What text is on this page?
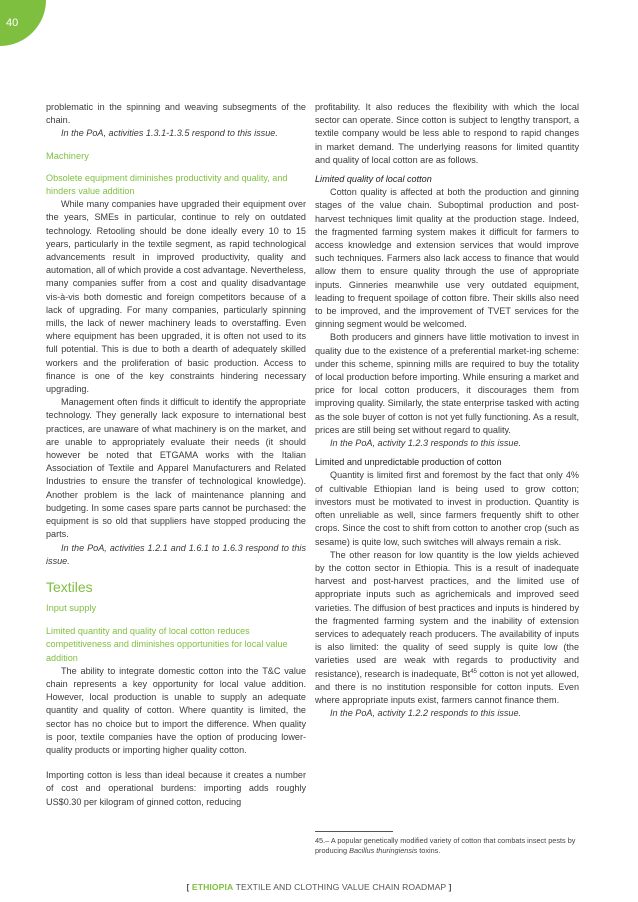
40

problematic in the spinning and weaving subsegments of the chain.

In the PoA, activities 1.3.1-1.3.5 respond to this issue.

Machinery

Obsolete equipment diminishes productivity and quality, and hinders value addition

While many companies have upgraded their equipment over the years, SMEs in particular, continue to rely on outdated technology. Retooling should be done ideally every 10 to 15 years, particularly in the textile segment, as rapid technological advancements result in improved productivity, quality and automation, all of which provide a cost advantage. Nevertheless, many companies suffer from a cost and quality disadvantage vis-à-vis both domestic and foreign competitors because of a lack of upgrading. For many companies, particularly spinning mills, the lack of newer machinery leads to overstaffing. Even where equipment has been upgraded, it is often not used to its full potential. This is due to both a dearth of adequately skilled workers and the proliferation of basic production. Access to finance is one of the key constraints hindering necessary upgrading.

Management often finds it difficult to identify the appropriate technology. They generally lack exposure to international best practices, are unaware of what machinery is on the market, and are unable to appropriately evaluate their needs (it should however be noted that ETGAMA works with the Italian Association of Textile and Apparel Manufacturers and Related Industries to ensure the transfer of technological knowledge). Another problem is the lack of maintenance planning and budgeting. In some cases spare parts cannot be purchased: the equipment is so old that suppliers have stopped producing the parts.

In the PoA, activities 1.2.1 and 1.6.1 to 1.6.3 respond to this issue.

Textiles
Input supply

Limited quantity and quality of local cotton reduces competitiveness and diminishes opportunities for local value addition

The ability to integrate domestic cotton into the T&C value chain represents a key opportunity for local value addition. However, local production is unable to supply an adequate quantity and quality of cotton. Where quantity is limited, the sector has no choice but to import the difference. When quality is poor, textile companies have the option of producing lower-quality products or importing higher quality cotton.

Importing cotton is less than ideal because it creates a number of cost and operational burdens: importing adds roughly US$0.30 per kilogram of ginned cotton, reducing

profitability. It also reduces the flexibility with which the local sector can operate. Since cotton is subject to lengthy transport, a textile company would be less able to respond to rapid changes in market demand. The underlying reasons for limited quantity and quality of local cotton are as follows.

Limited quality of local cotton

Cotton quality is affected at both the production and ginning stages of the value chain. Suboptimal production and post-harvest techniques limit quality at the production stage. Indeed, the fragmented farming system makes it difficult for farmers to access knowledge and extension services that would improve such techniques. Farmers also lack access to finance that would allow them to ensure quality through the use of appropriate inputs. Ginneries meanwhile use very outdated equipment, leading to frequent spoilage of cotton fibre. Their skills also need to be improved, and the improvement of TVET services for the ginning segment would be welcomed.

Both producers and ginners have little motivation to invest in quality due to the existence of a preferential market-ing scheme: under this scheme, spinning mills are required to buy the totality of local production before importing. While ensuring a market and price for local cotton producers, it discourages them from improving quality. Similarly, the state enterprise tasked with acting as the sole buyer of cotton is not yet fully functioning. As a result, prices are still being set without regard to quality.

In the PoA, activity 1.2.3 responds to this issue.

Limited and unpredictable production of cotton

Quantity is limited first and foremost by the fact that only 4% of cultivable Ethiopian land is being used to grow cotton; investors must be motivated to invest in production. Quantity is often unreliable as well, since farmers frequently shift to other crops. Since the cost to shift from cotton to another crop (such as sesame) is quite low, such switches will always remain a risk.

The other reason for low quantity is the low yields achieved by the cotton sector in Ethiopia. This is a result of inadequate harvest and post-harvest practices, and the limited use of appropriate inputs such as agrichemicals and improved seed varieties. The diffusion of best practices and inputs is hindered by the fragmented farming system and the inability of extension services to adequately reach producers. The availability of inputs is also limited: the quality of seed supply is quite low (the varieties used are weak with regards to productivity and resistance), research is inadequate, Bt$^{45}$ cotton is not yet allowed, and there is no institution responsible for cotton inputs. Even where appropriate inputs exist, farmers cannot finance them.

In the PoA, activity 1.2.2 responds to this issue.

45.– A popular genetically modified variety of cotton that combats insect pests by producing Bacillus thuringiensis toxins.
[ ETHIOPIA TEXTILE AND CLOTHING VALUE CHAIN ROADMAP ]
